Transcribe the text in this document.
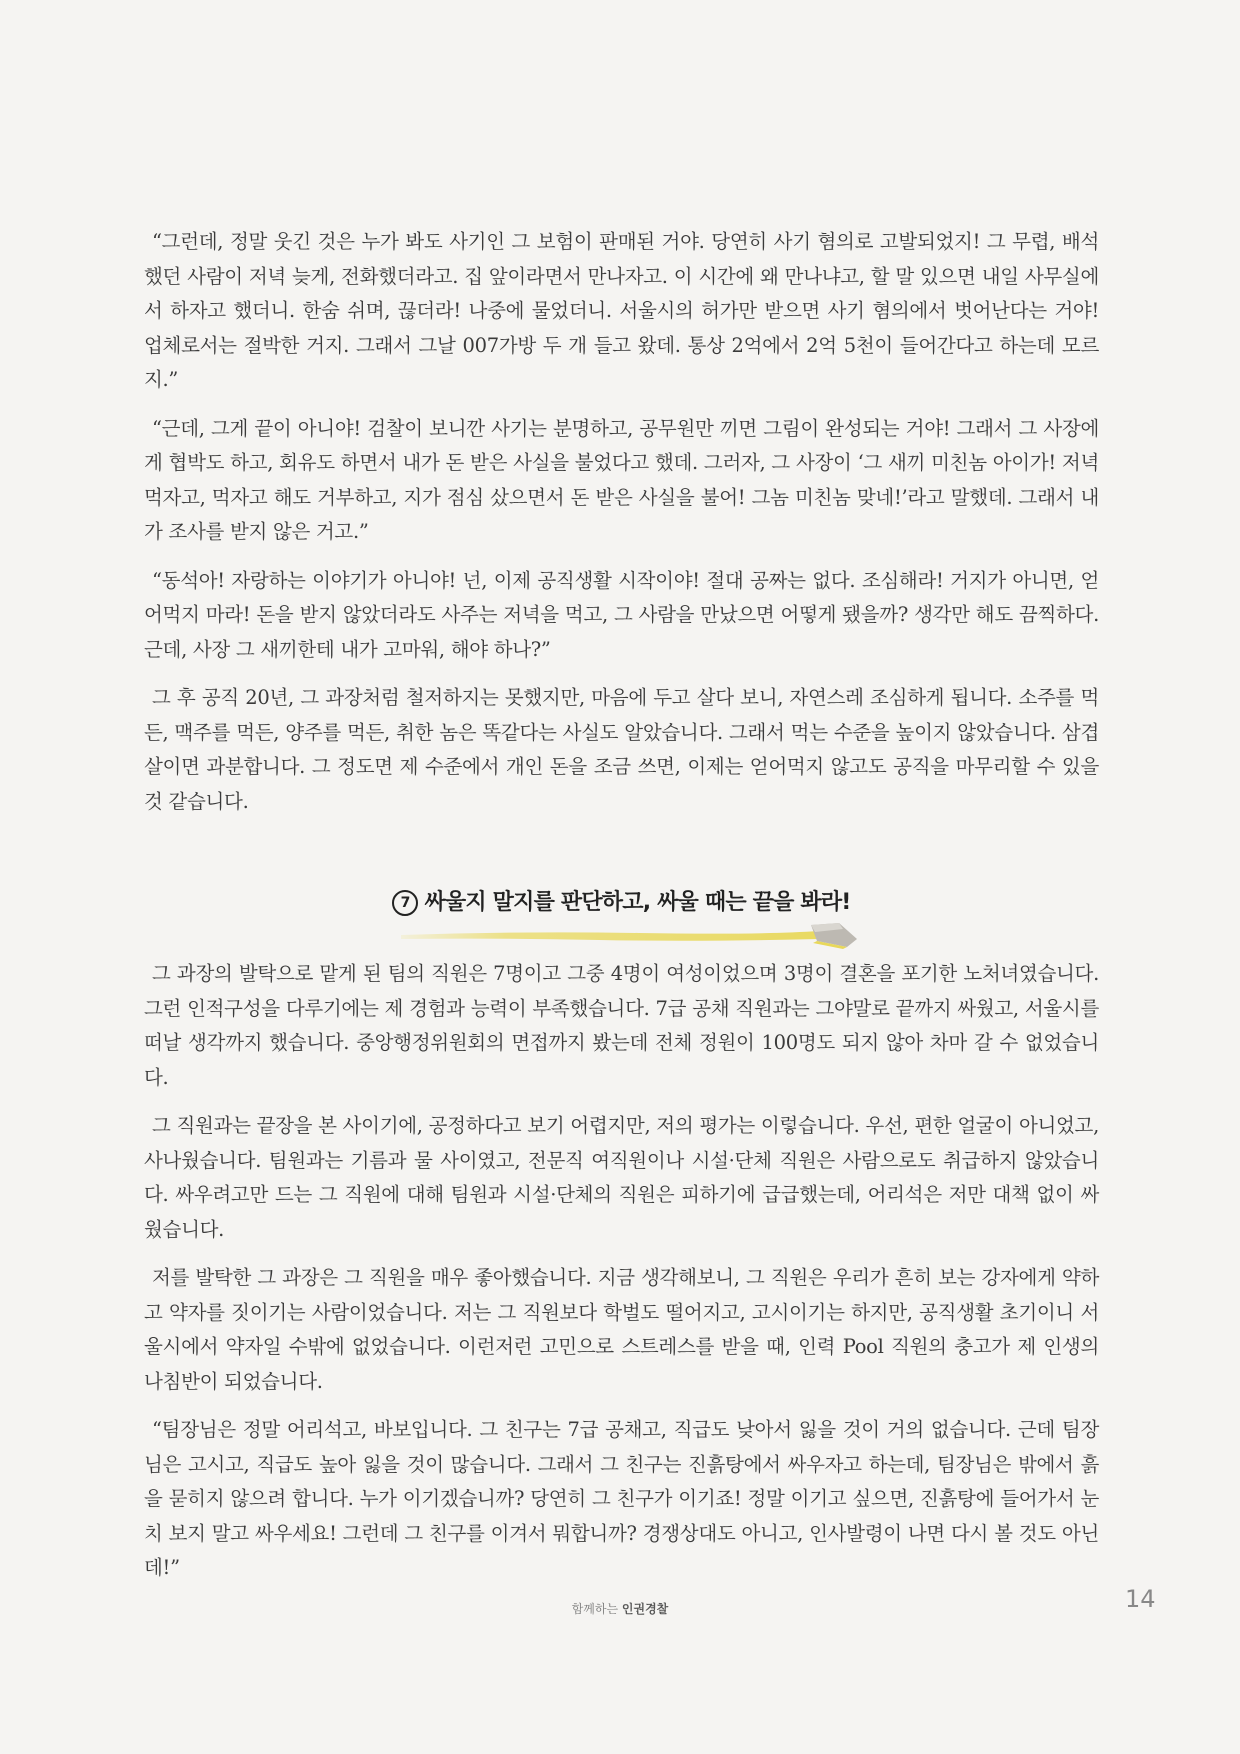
“그런데, 정말 웃긴 것은 누가 봐도 사기인 그 보험이 판매된 거야. 당연히 사기 혐의로 고발되었지! 그 무렵, 배석했던 사람이 저녁 늦게, 전화했더라고. 집 앞이라면서 만나자고. 이 시간에 왜 만나냐고, 할 말 있으면 내일 사무실에서 하자고 했더니. 한숨 쉬며, 끊더라! 나중에 물었더니. 서울시의 허가만 받으면 사기 혐의에서 벗어난다는 거야! 업체로서는 절박한 거지. 그래서 그날 007가방 두 개 들고 왔데. 통상 2억에서 2억 5천이 들어간다고 하는데 모르지.”

“근데, 그게 끝이 아니야! 검찰이 보니깐 사기는 분명하고, 공무원만 끼면 그림이 완성되는 거야! 그래서 그 사장에게 협박도 하고, 회유도 하면서 내가 돈 받은 사실을 불었다고 했데. 그러자, 그 사장이 ‘그 새끼 미친놈 아이가! 저녁 먹자고, 먹자고 해도 거부하고, 지가 점심 샀으면서 돈 받은 사실을 불어! 그놈 미친놈 맞네!’라고 말했데. 그래서 내가 조사를 받지 않은 거고.”

“동석아! 자랑하는 이야기가 아니야! 넌, 이제 공직생활 시작이야! 절대 공짜는 없다. 조심해라! 거지가 아니면, 얻어먹지 마라! 돈을 받지 않았더라도 사주는 저녁을 먹고, 그 사람을 만났으면 어떻게 됐을까? 생각만 해도 끔찍하다. 근데, 사장 그 새끼한테 내가 고마워, 해야 하나?”

그 후 공직 20년, 그 과장처럼 철저하지는 못했지만, 마음에 두고 살다 보니, 자연스레 조심하게 됩니다. 소주를 먹든, 맥주를 먹든, 양주를 먹든, 취한 놈은 똑같다는 사실도 알았습니다. 그래서 먹는 수준을 높이지 않았습니다. 삼겹살이면 과분합니다. 그 정도면 제 수준에서 개인 돈을 조금 쓰면, 이제는 얻어먹지 않고도 공직을 마무리할 수 있을 것 같습니다.

7 싸울지 말지를 판단하고, 싸울 때는 끝을 봐라!

그 과장의 발탁으로 맡게 된 팀의 직원은 7명이고 그중 4명이 여성이었으며 3명이 결혼을 포기한 노처녀였습니다. 그런 인적구성을 다루기에는 제 경험과 능력이 부족했습니다. 7급 공채 직원과는 그야말로 끝까지 싸웠고, 서울시를 떠날 생각까지 했습니다. 중앙행정위원회의 면접까지 봤는데 전체 정원이 100명도 되지 않아 차마 갈 수 없었습니다.

그 직원과는 끝장을 본 사이기에, 공정하다고 보기 어렵지만, 저의 평가는 이렇습니다. 우선, 편한 얼굴이 아니었고, 사나웠습니다. 팀원과는 기름과 물 사이였고, 전문직 여직원이나 시설·단체 직원은 사람으로도 취급하지 않았습니다. 싸우려고만 드는 그 직원에 대해 팀원과 시설·단체의 직원은 피하기에 급급했는데, 어리석은 저만 대책 없이 싸웠습니다.

저를 발탁한 그 과장은 그 직원을 매우 좋아했습니다. 지금 생각해보니, 그 직원은 우리가 흔히 보는 강자에게 약하고 약자를 짓이기는 사람이었습니다. 저는 그 직원보다 학벌도 떨어지고, 고시이기는 하지만, 공직생활 초기이니 서울시에서 약자일 수밖에 없었습니다. 이런저런 고민으로 스트레스를 받을 때, 인력 Pool 직원의 충고가 제 인생의 나침반이 되었습니다.

“팀장님은 정말 어리석고, 바보입니다. 그 친구는 7급 공채고, 직급도 낮아서 잃을 것이 거의 없습니다. 근데 팀장님은 고시고, 직급도 높아 잃을 것이 많습니다. 그래서 그 친구는 진흙탕에서 싸우자고 하는데, 팀장님은 밖에서 흙을 묻히지 않으려 합니다. 누가 이기겠습니까? 당연히 그 친구가 이기죠! 정말 이기고 싶으면, 진흙탕에 들어가서 눈치 보지 말고 싸우세요! 그런데 그 친구를 이겨서 뭐합니까? 경쟁상대도 아니고, 인사발령이 나면 다시 볼 것도 아닌데!”

함께하는 인권경찰	14
